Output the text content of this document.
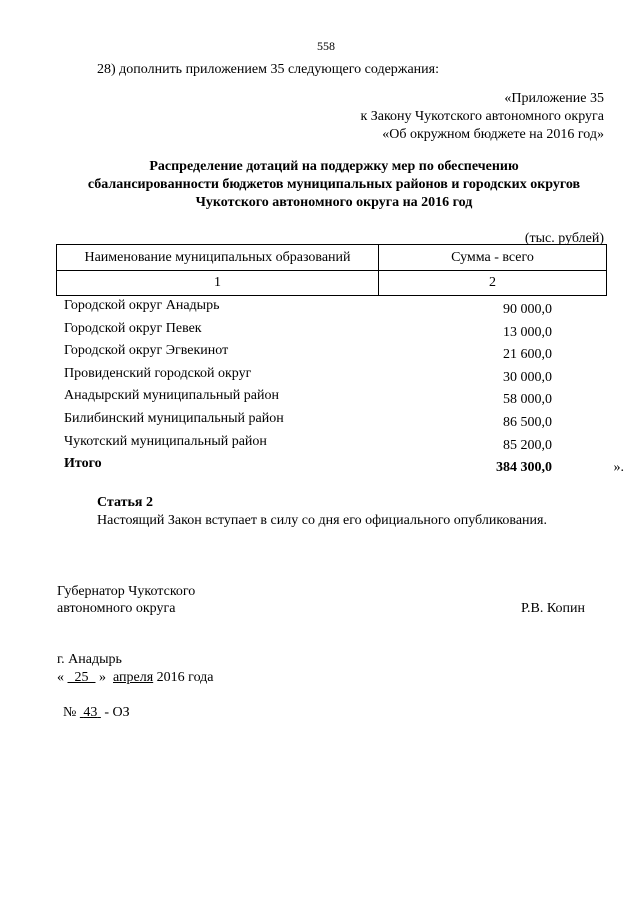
558
28) дополнить приложением 35 следующего содержания:
«Приложение 35
к Закону Чукотского автономного округа
«Об окружном бюджете на 2016 год»
Распределение дотаций на поддержку мер по обеспечению
сбалансированности бюджетов муниципальных районов и городских округов
Чукотского автономного округа на 2016 год
(тыс. рублей)
Наименование муниципальных образований	Сумма - всего
1	2
Городской округ Анадырь	90 000,0
Городской округ Певек	13 000,0
Городской округ Эгвекинот	21 600,0
Провиденский городской округ	30 000,0
Анадырский муниципальный район	58 000,0
Билибинский муниципальный район	86 500,0
Чукотский муниципальный район	85 200,0
Итого	384 300,0	».
Статья 2
Настоящий Закон вступает в силу со дня его официального опубликования.
Губернатор Чукотского
автономного округа	Р.В. Копин
г. Анадырь
« 25 » апреля 2016 года
№ 43 - ОЗ
